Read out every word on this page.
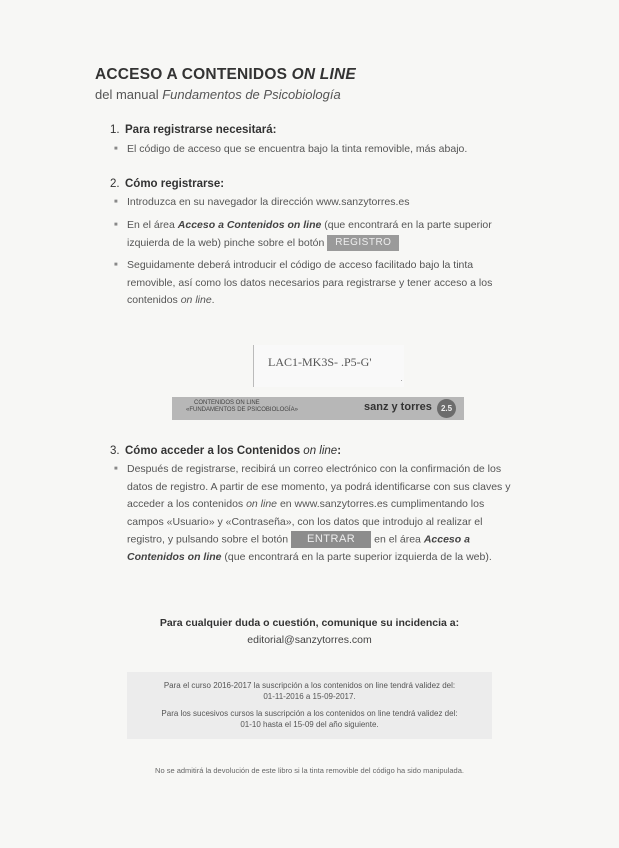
ACCESO A CONTENIDOS ON LINE
del manual Fundamentos de Psicobiología
1. Para registrarse necesitará:
■ El código de acceso que se encuentra bajo la tinta removible, más abajo.
2. Cómo registrarse:
■ Introduzca en su navegador la dirección www.sanzytorres.es
■ En el área Acceso a Contenidos on line (que encontrará en la parte superior izquierda de la web) pinche sobre el botón REGISTRO
■ Seguidamente deberá introducir el código de acceso facilitado bajo la tinta removible, así como los datos necesarios para registrarse y tener acceso a los contenidos on line.
LAC1-MK3S- .P5-G'
·
CONTENIDOS ON LINE
«FUNDAMENTOS DE PSICOBIOLOGÍA»	sanz y torres	2.5
3. Cómo acceder a los Contenidos on line:
■ Después de registrarse, recibirá un correo electrónico con la confirmación de los datos de registro. A partir de ese momento, ya podrá identificarse con sus claves y acceder a los contenidos on line en www.sanzytorres.es cumplimentando los campos «Usuario» y «Contraseña», con los datos que introdujo al realizar el registro, y pulsando sobre el botón ENTRAR en el área Acceso a Contenidos on line (que encontrará en la parte superior izquierda de la web).
Para cualquier duda o cuestión, comunique su incidencia a:
editorial@sanzytorres.com
Para el curso 2016-2017 la suscripción a los contenidos on line tendrá validez del:
01-11-2016 a 15-09-2017.
Para los sucesivos cursos la suscripción a los contenidos on line tendrá validez del:
01-10 hasta el 15-09 del año siguiente.
No se admitirá la devolución de este libro si la tinta removible del código ha sido manipulada.
